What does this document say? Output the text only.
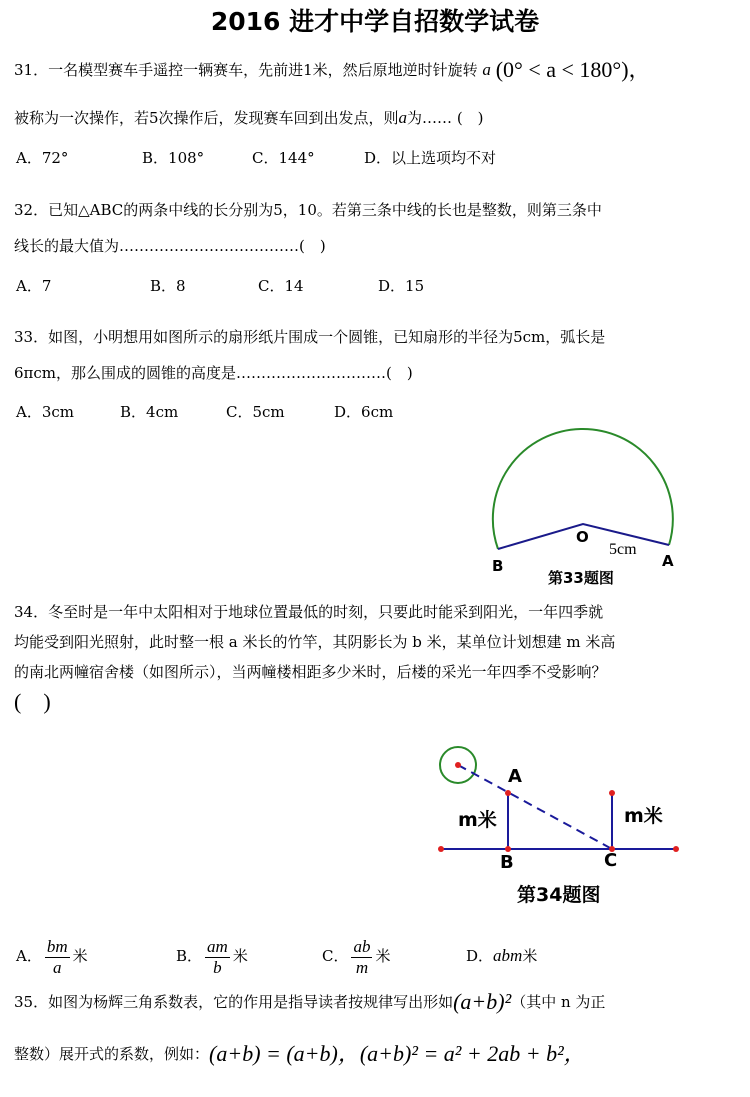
2016 进才中学自招数学试卷
31．一名模型赛车手遥控一辆赛车，先前进1米，然后原地逆时针旋转 a (0° < a < 180°)，
被称为一次操作，若5次操作后，发现赛车回到出发点，则a为…… (　)
A．72°	B．108°	C．144°	D．以上选项均不对
32．已知△ABC的两条中线的长分别为5，10。若第三条中线的长也是整数，则第三条中
线长的最大值为………………………………(　)
A．7	B．8	C．14	D．15
33．如图，小明想用如图所示的扇形纸片围成一个圆锥，已知扇形的半径为5cm，弧长是
6πcm，那么围成的圆锥的高度是…………………………(　)
A．3cm	B．4cm	C．5cm	D．6cm
O
5cm
A
B
第33题图
34．冬至时是一年中太阳相对于地球位置最低的时刻，只要此时能采到阳光，一年四季就
均能受到阳光照射，此时整一根 a 米长的竹竿，其阴影长为 b 米，某单位计划想建 m 米高
的南北两幢宿舍楼（如图所示），当两幢楼相距多少米时，后楼的采光一年四季不受影响？
(　)
A
m米	m米
B	C
第34题图
A． $\frac{bm}{a}$ 米	B． $\frac{am}{b}$ 米	C． $\frac{ab}{m}$ 米	D．abm米
35．如图为杨辉三角系数表，它的作用是指导读者按规律写出形如(a+b)²（其中 n 为正
整数）展开式的系数，例如：(a+b) = (a+b)，(a+b)² = a² + 2ab + b²，
